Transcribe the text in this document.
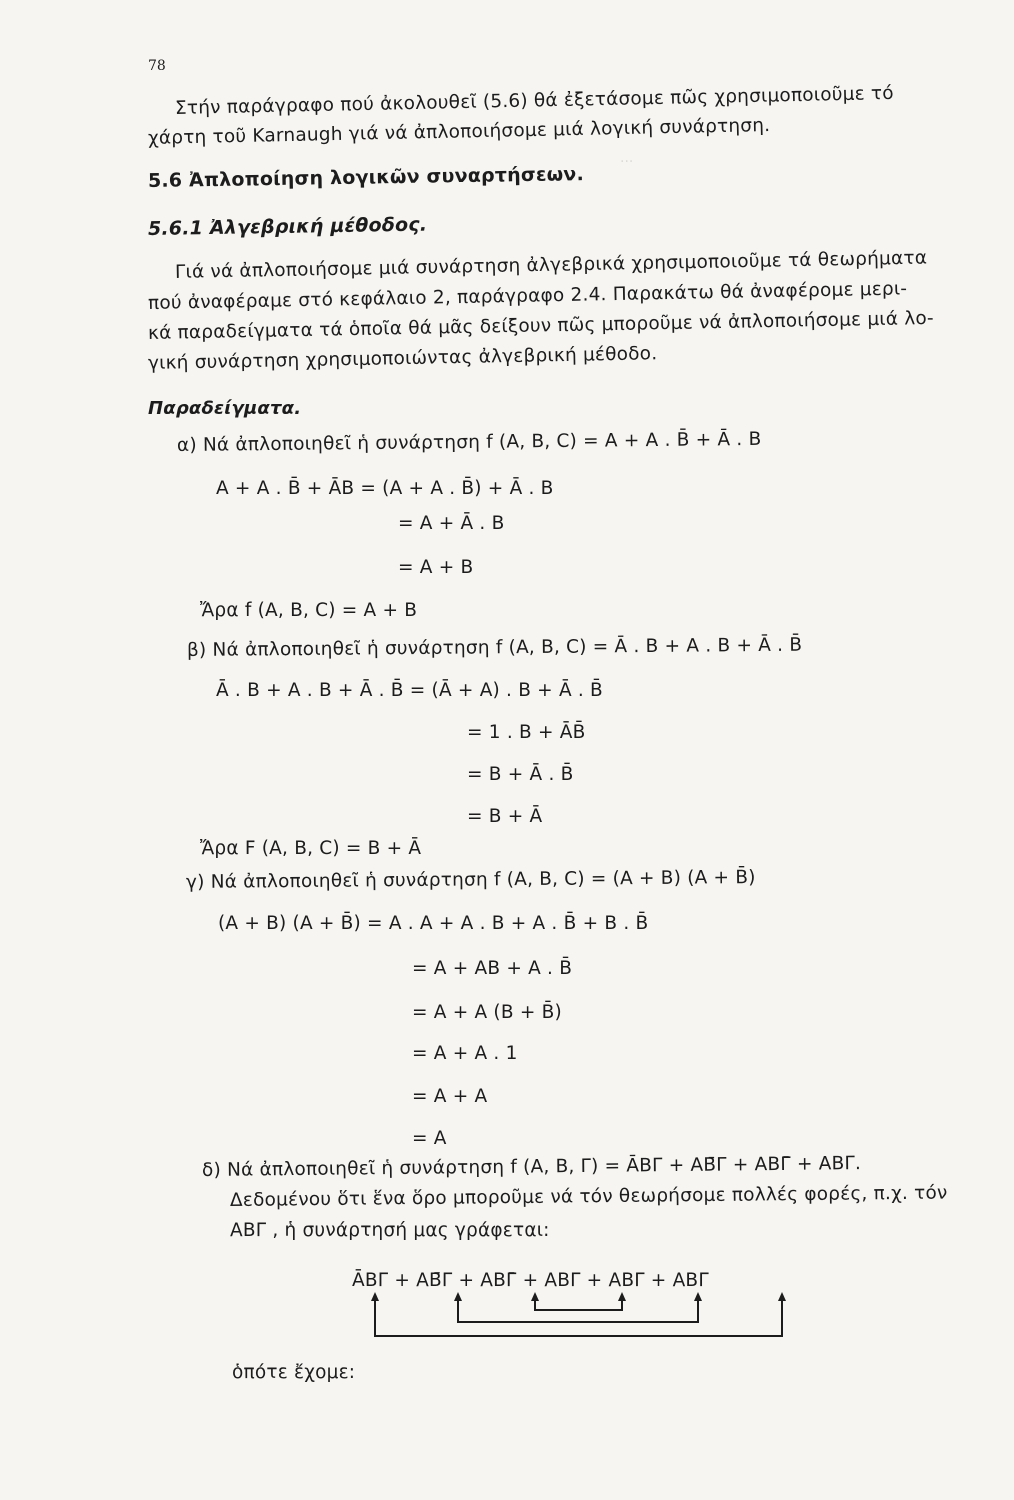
...
78
Στήν παράγραφο πού ἀκολουθεῖ (5.6) θά ἐξετάσομε πῶς χρησιμοποιοῦμε τό
χάρτη τοῦ Karnaugh γιά νά ἀπλοποιήσομε μιά λογική συνάρτηση.
5.6 Ἀπλοποίηση λογικῶν συναρτήσεων.
5.6.1 Ἀλγεβρική μέθοδος.
Γιά νά ἀπλοποιήσομε μιά συνάρτηση ἀλγεβρικά χρησιμοποιοῦμε τά θεωρήματα
πού ἀναφέραμε στό κεφάλαιο 2, παράγραφο 2.4. Παρακάτω θά ἀναφέρομε μερι-
κά παραδείγματα τά ὁποῖα θά μᾶς δείξουν πῶς μποροῦμε νά ἀπλοποιήσομε μιά λο-
γική συνάρτηση χρησιμοποιώντας ἀλγεβρική μέθοδο.
Παραδείγματα.
α) Νά ἀπλοποιηθεῖ ἡ συνάρτηση f (A, B, C) = A + A . B̄ + Ā . B
A + A . B̄ + ĀB = (A + A . B̄) + Ā . B
= A + Ā . B
= A + B
Ἄρα f (A, B, C) = A + B
β) Νά ἀπλοποιηθεῖ ἡ συνάρτηση f (A, B, C) = Ā . B + A . B + Ā . B̄
Ā . B + A . B + Ā . B̄ = (Ā + A) . B + Ā . B̄
= 1 . B + ĀB̄
= B + Ā . B̄
= B + Ā
Ἄρα F (A, B, C) = B + Ā
γ) Νά ἀπλοποιηθεῖ ἡ συνάρτηση f (A, B, C) = (A + B) (A + B̄)
(A + B) (A + B̄) = A . A + A . B + A . B̄ + B . B̄
= A + AB + A . B̄
= A + A (B + B̄)
= A + A . 1
= A + A
= A
δ) Νά ἀπλοποιηθεῖ ἡ συνάρτηση f (A, B, Γ) = ĀΒΓ + ΑΒ̄Γ + ΑΒΓ̄ + ΑΒΓ.
Δεδομένου ὅτι ἕνα ὅρο μποροῦμε νά τόν θεωρήσομε πολλές φορές, π.χ. τόν
ΑΒΓ , ἡ συνάρτησή μας γράφεται:
ĀΒΓ + ΑΒ̄Γ + ΑΒΓ̄ + ΑΒΓ + ΑΒΓ + ΑΒΓ
ὁπότε ἔχομε:
